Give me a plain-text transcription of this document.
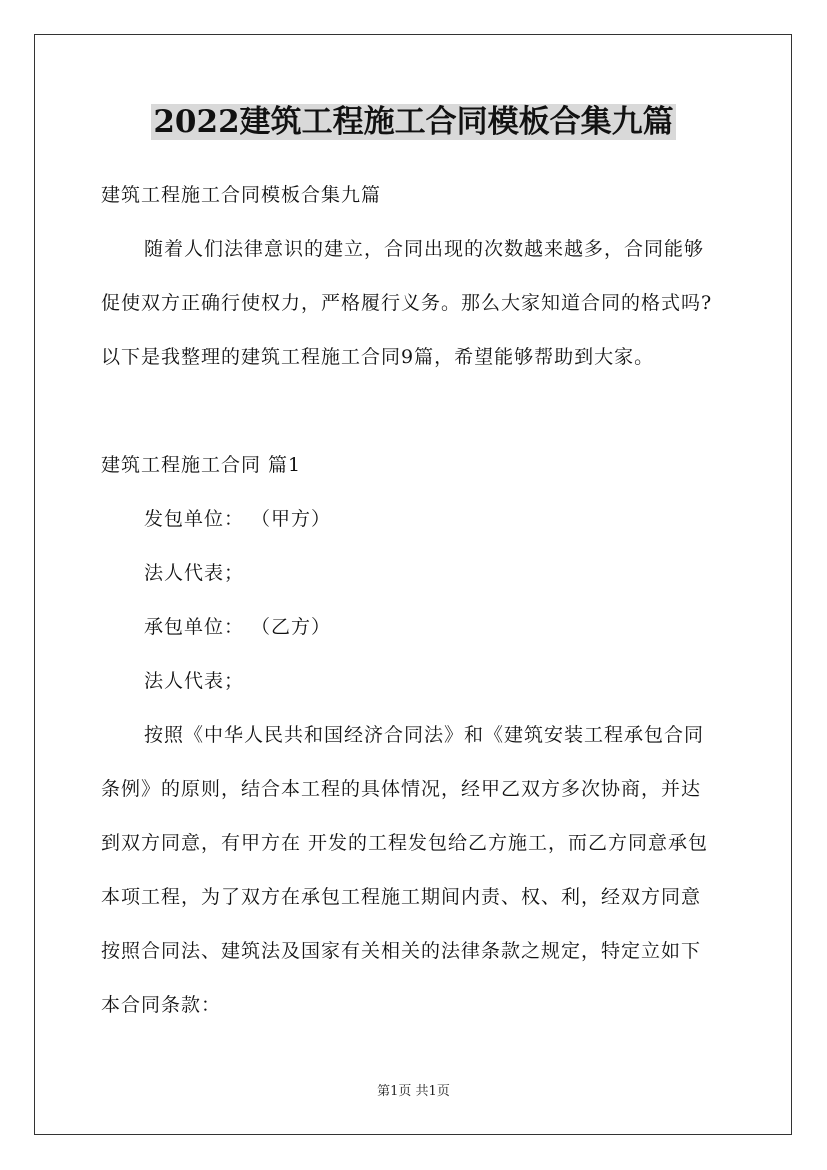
2022建筑工程施工合同模板合集九篇
建筑工程施工合同模板合集九篇
随着人们法律意识的建立，合同出现的次数越来越多，合同能够
促使双方正确行使权力，严格履行义务。那么大家知道合同的格式吗?
以下是我整理的建筑工程施工合同9篇，希望能够帮助到大家。
建筑工程施工合同 篇1
发包单位： （甲方）
法人代表；
承包单位： （乙方）
法人代表；
按照《中华人民共和国经济合同法》和《建筑安装工程承包合同
条例》的原则，结合本工程的具体情况，经甲乙双方多次协商，并达
到双方同意，有甲方在 开发的工程发包给乙方施工，而乙方同意承包
本项工程，为了双方在承包工程施工期间内责、权、利，经双方同意
按照合同法、建筑法及国家有关相关的法律条款之规定，特定立如下
本合同条款：
第1页 共1页
